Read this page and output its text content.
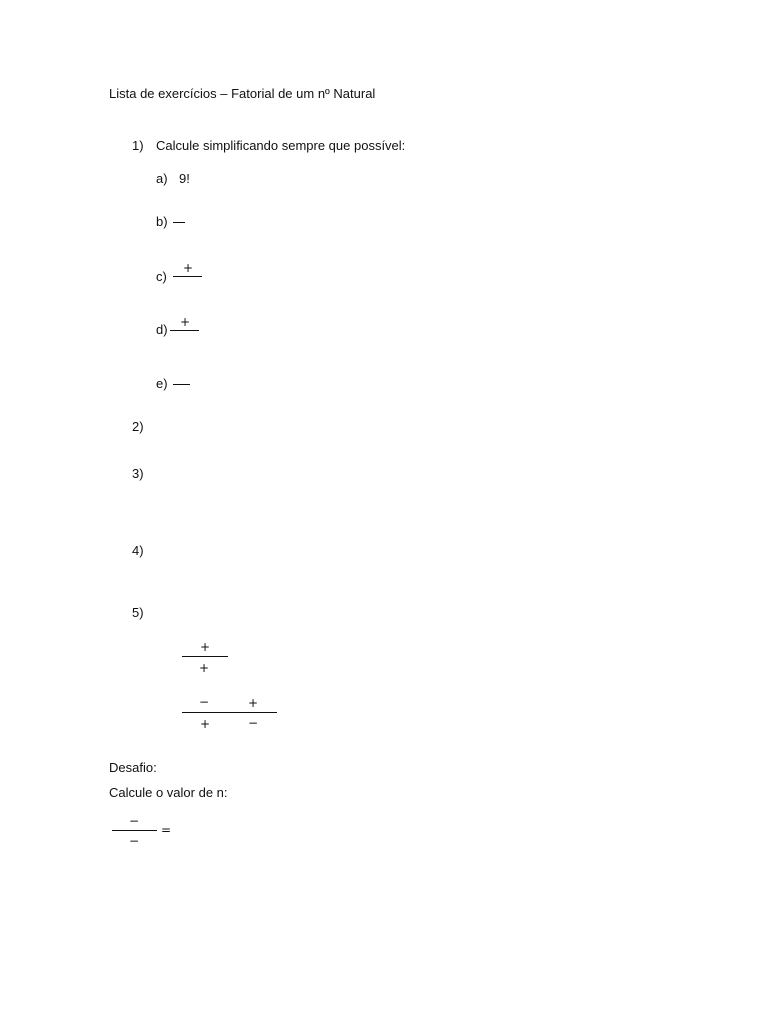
Lista de exercícios – Fatorial de um nº Natural
1) Calcule simplificando sempre que possível:
a) 9!
b)
+
c)
+
d)
e)
2)
3)
4)
5)
+
+
−	+
+	−
Desafio:
Calcule o valor de n:
−
−
=
